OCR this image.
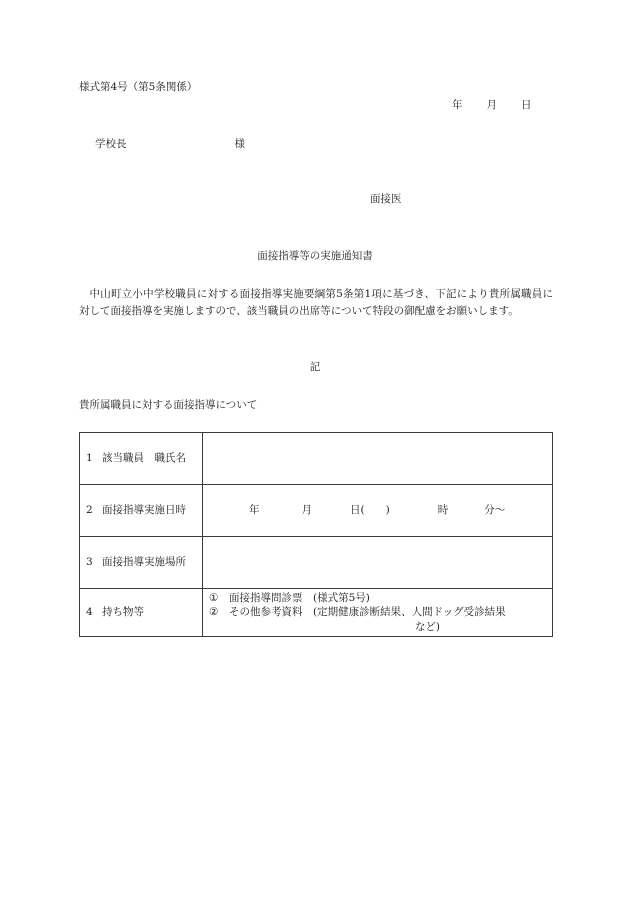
様式第4号（第5条関係）
年 月 日
学校長	様
面接医
面接指導等の実施通知書
中山町立小中学校職員に対する面接指導実施要綱第5条第1項に基づき、下記により貴所属職員に対して面接指導を実施しますので、該当職員の出席等について特段の御配慮をお願いします。
記
貴所属職員に対する面接指導について
1 該当職員　職氏名	
2 面接指導実施日時	年 月 日(　　) 時 分～

3 面接指導実施場所	
4 持ち物等	① 面接指導問診票　(様式第5号)
② その他参考資料　(定期健康診断結果、人間ドッグ受診結果
など)
